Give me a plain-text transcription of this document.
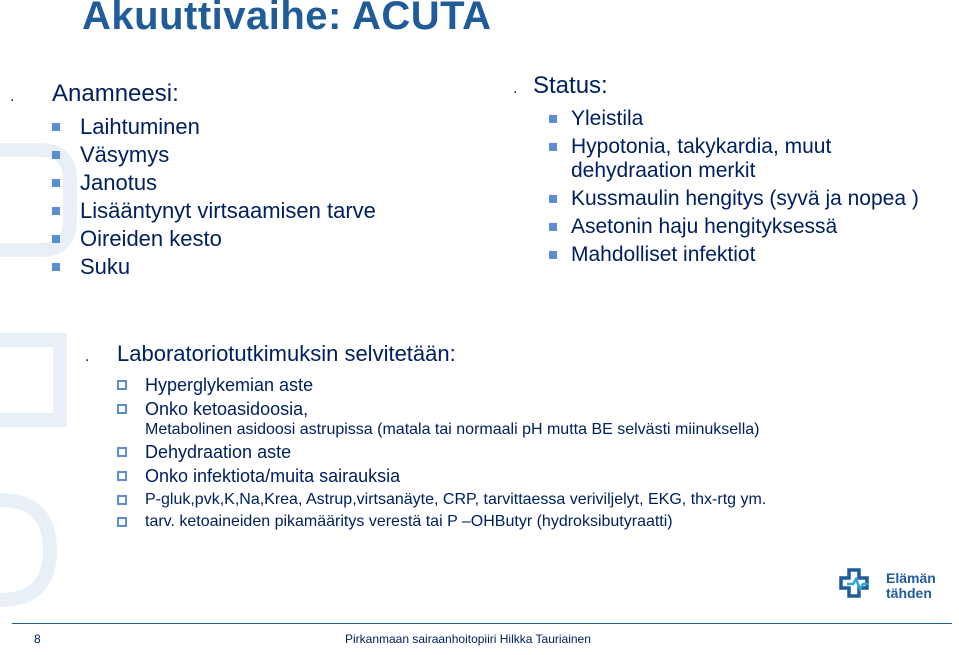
Akuuttivaihe: ACUTA
.	Anamneesi:
Laihtuminen
Väsymys
Janotus
Lisääntynyt virtsaamisen tarve
Oireiden kesto
Suku
. Status:
Yleistila
Hypotonia, takykardia, muut dehydraation merkit
Kussmaulin hengitys (syvä ja nopea )
Asetonin haju hengityksessä
Mahdolliset infektiot
.	Laboratoriotutkimuksin selvitetään:
Hyperglykemian aste
Onko ketoasidoosia,
Metabolinen asidoosi astrupissa (matala tai normaali pH mutta BE selvästi miinuksella)
Dehydraation aste
Onko infektiota/muita sairauksia
P-gluk,pvk,K,Na,Krea, Astrup,virtsanäyte, CRP, tarvittaessa veriviljelyt, EKG, thx-rtg ym.
tarv. ketoaineiden pikamääritys verestä tai P –OHButyr (hydroksibutyraatti)
Elämän
tähden
8	Pirkanmaan sairaanhoitopiiri Hilkka Tauriainen
